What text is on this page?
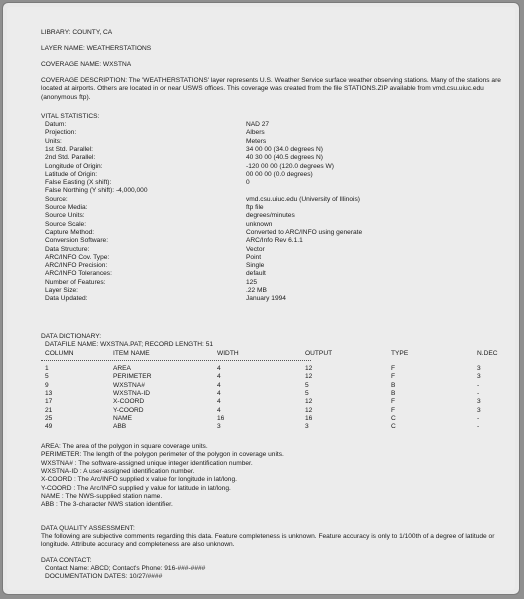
LIBRARY: COUNTY, CA
LAYER NAME: WEATHERSTATIONS
COVERAGE NAME: WXSTNA
COVERAGE DESCRIPTION: The 'WEATHERSTATIONS' layer represents U.S. Weather Service surface weather observing stations. Many of the stations are located at airports. Others are located in or near USWS offices. This coverage was created from the file STATIONS.ZIP available from vmd.csu.uiuc.edu (anonymous ftp).
VITAL STATISTICS:
Datum:	NAD 27
Projection:	Albers
Units:	Meters
1st Std. Parallel:	34 00 00 (34.0 degrees N)
2nd Std. Parallel:	40 30 00 (40.5 degrees N)
Longitude of Origin:	-120 00 00 (120.0 degrees W)
Latitude of Origin:	00 00 00 (0.0 degrees)
False Easting (X shift):	0
False Northing (Y shift): -4,000,000
Source:	vmd.csu.uiuc.edu (University of Illinois)
Source Media:	ftp file
Source Units:	degrees/minutes
Source Scale:	unknown
Capture Method:	Converted to ARC/INFO using generate
Conversion Software:	ARC/Info Rev 6.1.1
Data Structure:	Vector
ARC/INFO Cov. Type:	Point
ARC/INFO Precision:	Single
ARC/INFO Tolerances:	default
Number of Features:	125
Layer Size:	.22 MB
Data Updated:	January 1994
DATA DICTIONARY:
DATAFILE NAME: WXSTNA.PAT; RECORD LENGTH: 51
COLUMN	ITEM NAME	WIDTH	OUTPUT	TYPE	N.DEC
1	AREA	4	12	F	3
5	PERIMETER	4	12	F	3
9	WXSTNA#	4	5	B	-
13	WXSTNA-ID	4	5	B	-
17	X-COORD	4	12	F	3
21	Y-COORD	4	12	F	3
25	NAME	16	16	C	-
49	ABB	3	3	C	-
AREA: The area of the polygon in square coverage units.
PERIMETER: The length of the polygon perimeter of the polygon in coverage units.
WXSTNA# : The software-assigned unique integer identification number.
WXSTNA-ID : A user-assigned identification number.
X-COORD : The Arc/INFO supplied x value for longitude in lat/long.
Y-COORD : The Arc/INFO supplied y value for latitude in lat/long.
NAME : The NWS-supplied station name.
ABB : The 3-character NWS station identifier.
DATA QUALITY ASSESSMENT:
The following are subjective comments regarding this data. Feature completeness is unknown. Feature accuracy is only to 1/100th of a degree of latitude or longitude. Attribute accuracy and completeness are also unknown.
DATA CONTACT:
Contact Name: ABCD; Contact's Phone: 916-###-####
DOCUMENTATION DATES: 10/27/####
